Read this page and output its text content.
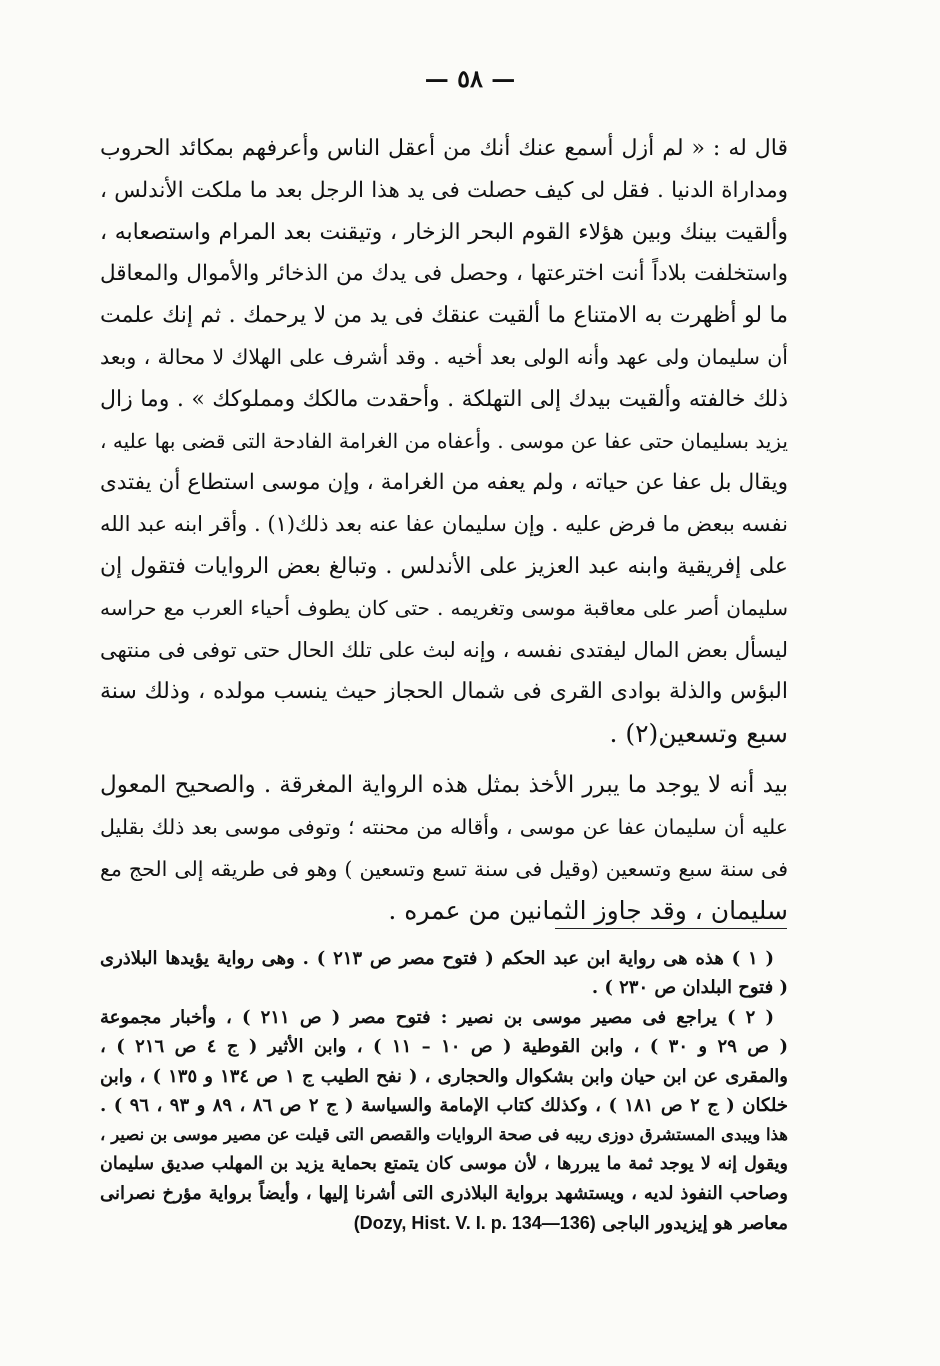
— ٥٨ —
قال له : « لم أزل أسمع عنك أنك من أعقل الناس وأعرفهم بمكائد الحروب
ومداراة الدنيا . فقل لى كيف حصلت فى يد هذا الرجل بعد ما ملكت الأندلس ،
وألقيت بينك وبين هؤلاء القوم البحر الزخار ، وتيقنت بعد المرام واستصعابه ،
واستخلفت بلاداً أنت اخترعتها ، وحصل فى يدك من الذخائر والأموال والمعاقل
ما لو أظهرت به الامتناع ما ألقيت عنقك فى يد من لا يرحمك . ثم إنك علمت
أن سليمان ولى عهد وأنه الولى بعد أخيه . وقد أشرف على الهلاك لا محالة ، وبعد
ذلك خالفته وألقيت بيدك إلى التهلكة . وأحقدت مالكك ومملوكك » . وما زال
يزيد بسليمان حتى عفا عن موسى . وأعفاه من الغرامة الفادحة التى قضى بها عليه ،
ويقال بل عفا عن حياته ، ولم يعفه من الغرامة ، وإن موسى استطاع أن يفتدى
نفسه ببعض ما فرض عليه . وإن سليمان عفا عنه بعد ذلك(١) . وأقر ابنه عبد الله
على إفريقية وابنه عبد العزيز على الأندلس . وتبالغ بعض الروايات فتقول إن
سليمان أصر على معاقبة موسى وتغريمه . حتى كان يطوف أحياء العرب مع حراسه
ليسأل بعض المال ليفتدى نفسه ، وإنه لبث على تلك الحال حتى توفى فى منتهى
البؤس والذلة بوادى القرى فى شمال الحجاز حيث ينسب مولده ، وذلك سنة
سبع وتسعين(٢) .
بيد أنه لا يوجد ما يبرر الأخذ بمثل هذه الرواية المغرقة . والصحيح المعول
عليه أن سليمان عفا عن موسى ، وأقاله من محنته ؛ وتوفى موسى بعد ذلك بقليل
فى سنة سبع وتسعين (وقيل فى سنة تسع وتسعين ) وهو فى طريقه إلى الحج مع
سليمان ، وقد جاوز الثمانين من عمره .
( ١ ) هذه هى رواية ابن عبد الحكم ( فتوح مصر ص ٢١٣ ) . وهى رواية يؤيدها البلاذرى
( فتوح البلدان ص ٢٣٠ ) .
( ٢ ) يراجع فى مصير موسى بن نصير : فتوح مصر ( ص ٢١١ ) ، وأخبار مجموعة
( ص ٢٩ و ٣٠ ) ، وابن القوطية ( ص ١٠ – ١١ ) ، وابن الأثير ( ج ٤ ص ٢١٦ ) ،
والمقرى عن ابن حيان وابن بشكوال والحجارى ، ( نفح الطيب ج ١ ص ١٣٤ و ١٣٥ ) ، وابن
خلكان ( ج ٢ ص ١٨١ ) ، وكذلك كتاب الإمامة والسياسة ( ج ٢ ص ٨٦ ، ٨٩ و ٩٣ ، ٩٦ ) .
هذا ويبدى المستشرق دوزى ريبه فى صحة الروايات والقصص التى قيلت عن مصير موسى بن نصير ،
ويقول إنه لا يوجد ثمة ما يبررها ، لأن موسى كان يتمتع بحماية يزيد بن المهلب صديق سليمان
وصاحب النفوذ لديه ، ويستشهد برواية البلاذرى التى أشرنا إليها ، وأيضاً برواية مؤرخ نصرانى
معاصر هو إيزيدور الباجى (Dozy, Hist. V. I. p. 134—136)
